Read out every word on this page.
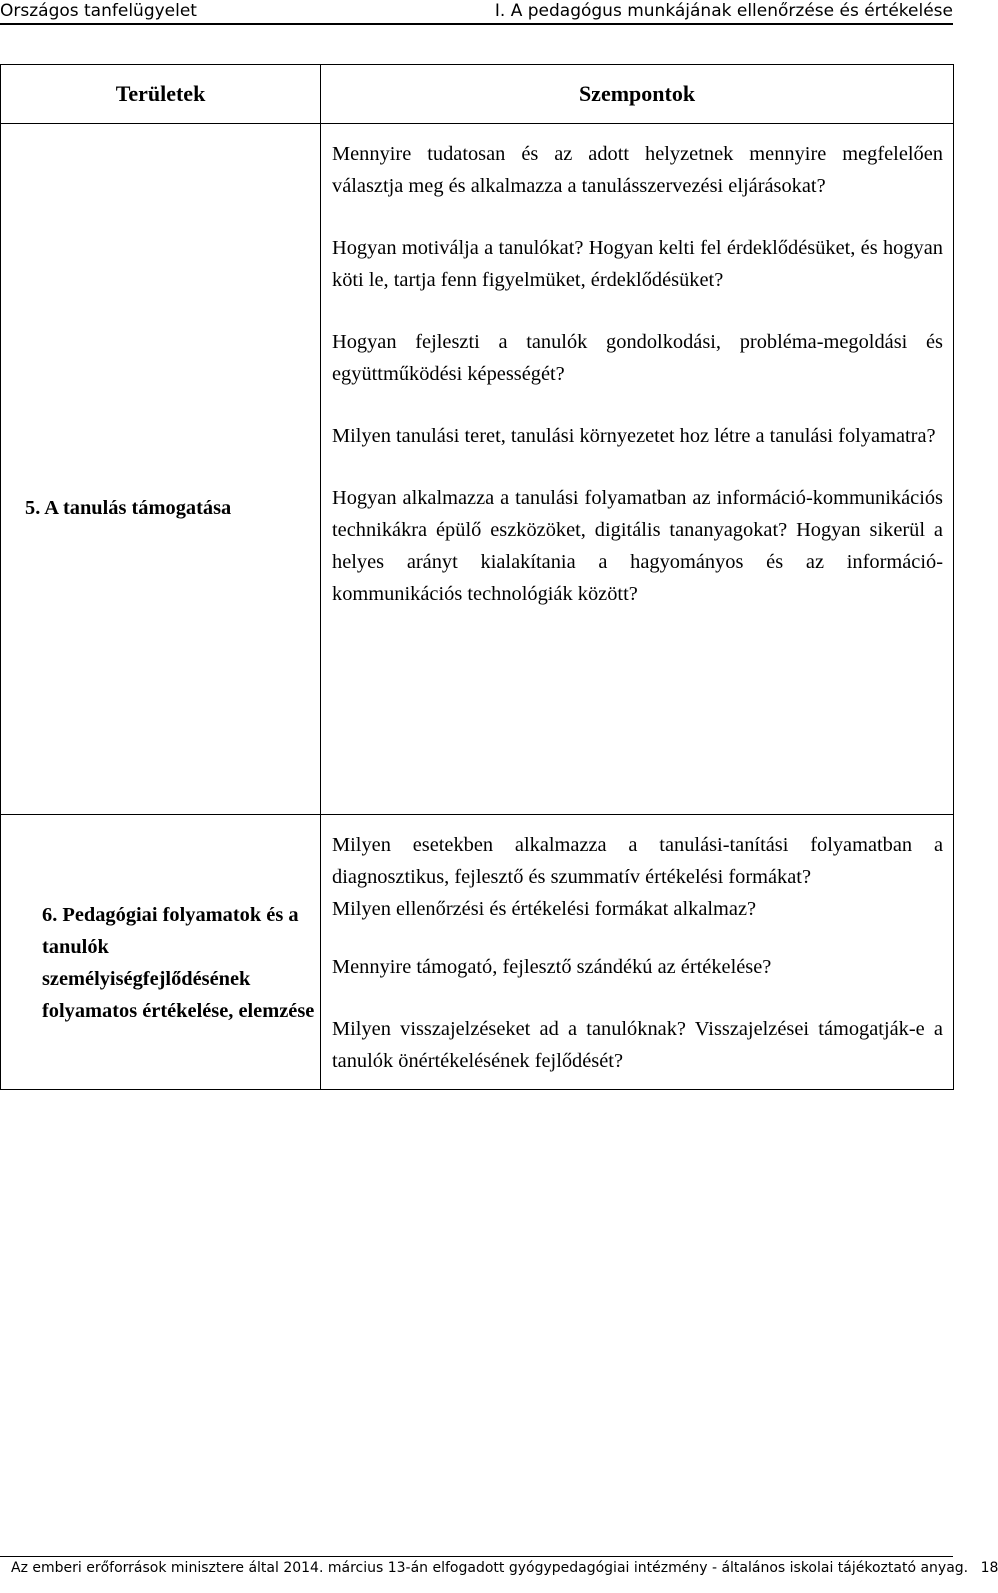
Országos tanfelügyelet	I. A pedagógus munkájának ellenőrzése és értékelése
Területek	Szempontok

5. A tanulás támogatása	Mennyire tudatosan és az adott helyzetnek mennyire megfelelően választja meg és alkalmazza a tanulásszervezési eljárásokat?

Hogyan motiválja a tanulókat? Hogyan kelti fel érdeklődésüket, és hogyan köti le, tartja fenn figyelmüket, érdeklődésüket?

Hogyan fejleszti a tanulók gondolkodási, probléma-megoldási és együttműködési képességét?

Milyen tanulási teret, tanulási környezetet hoz létre a tanulási folyamatra?

Hogyan alkalmazza a tanulási folyamatban az információ-kommunikációs technikákra épülő eszközöket, digitális tananyagokat? Hogyan sikerül a helyes arányt kialakítania a hagyományos és az információ-kommunikációs technológiák között?

6. Pedagógiai folyamatok és a tanulók személyiségfejlődésének folyamatos értékelése, elemzése	Milyen esetekben alkalmazza a tanulási-tanítási folyamatban a diagnosztikus, fejlesztő és szummatív értékelési formákat?

Milyen ellenőrzési és értékelési formákat alkalmaz?

Mennyire támogató, fejlesztő szándékú az értékelése?

Milyen visszajelzéseket ad a tanulóknak? Visszajelzései támogatják-e a tanulók önértékelésének fejlődését?

Az emberi erőforrások minisztere által 2014. március 13-án elfogadott gyógypedagógiai intézmény - általános iskolai tájékoztató anyag. 18
